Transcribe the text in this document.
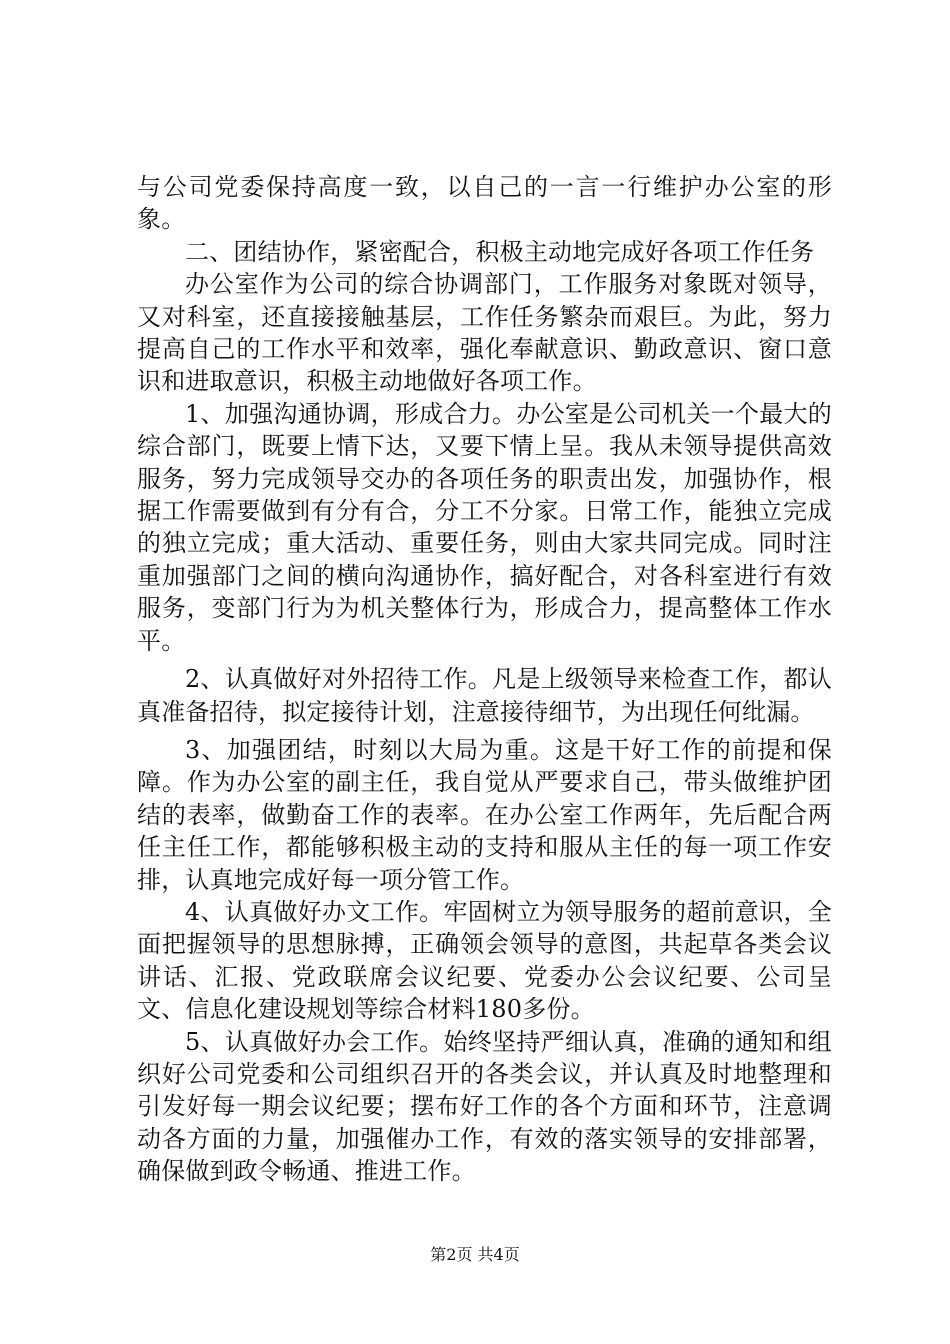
与公司党委保持高度一致，以自己的一言一行维护办公室的形象。

二、团结协作，紧密配合，积极主动地完成好各项工作任务

办公室作为公司的综合协调部门，工作服务对象既对领导，又对科室，还直接接触基层，工作任务繁杂而艰巨。为此，努力提高自己的工作水平和效率，强化奉献意识、勤政意识、窗口意识和进取意识，积极主动地做好各项工作。

1、加强沟通协调，形成合力。办公室是公司机关一个最大的综合部门，既要上情下达，又要下情上呈。我从未领导提供高效服务，努力完成领导交办的各项任务的职责出发，加强协作，根据工作需要做到有分有合，分工不分家。日常工作，能独立完成的独立完成；重大活动、重要任务，则由大家共同完成。同时注重加强部门之间的横向沟通协作，搞好配合，对各科室进行有效服务，变部门行为为机关整体行为，形成合力，提高整体工作水平。

2、认真做好对外招待工作。凡是上级领导来检查工作，都认真准备招待，拟定接待计划，注意接待细节，为出现任何纰漏。

3、加强团结，时刻以大局为重。这是干好工作的前提和保障。作为办公室的副主任，我自觉从严要求自己，带头做维护团结的表率，做勤奋工作的表率。在办公室工作两年，先后配合两任主任工作，都能够积极主动的支持和服从主任的每一项工作安排，认真地完成好每一项分管工作。

4、认真做好办文工作。牢固树立为领导服务的超前意识，全面把握领导的思想脉搏，正确领会领导的意图，共起草各类会议讲话、汇报、党政联席会议纪要、党委办公会议纪要、公司呈文、信息化建设规划等综合材料180多份。

5、认真做好办会工作。始终坚持严细认真，准确的通知和组织好公司党委和公司组织召开的各类会议，并认真及时地整理和引发好每一期会议纪要；摆布好工作的各个方面和环节，注意调动各方面的力量，加强催办工作，有效的落实领导的安排部署，确保做到政令畅通、推进工作。

第2页 共4页
